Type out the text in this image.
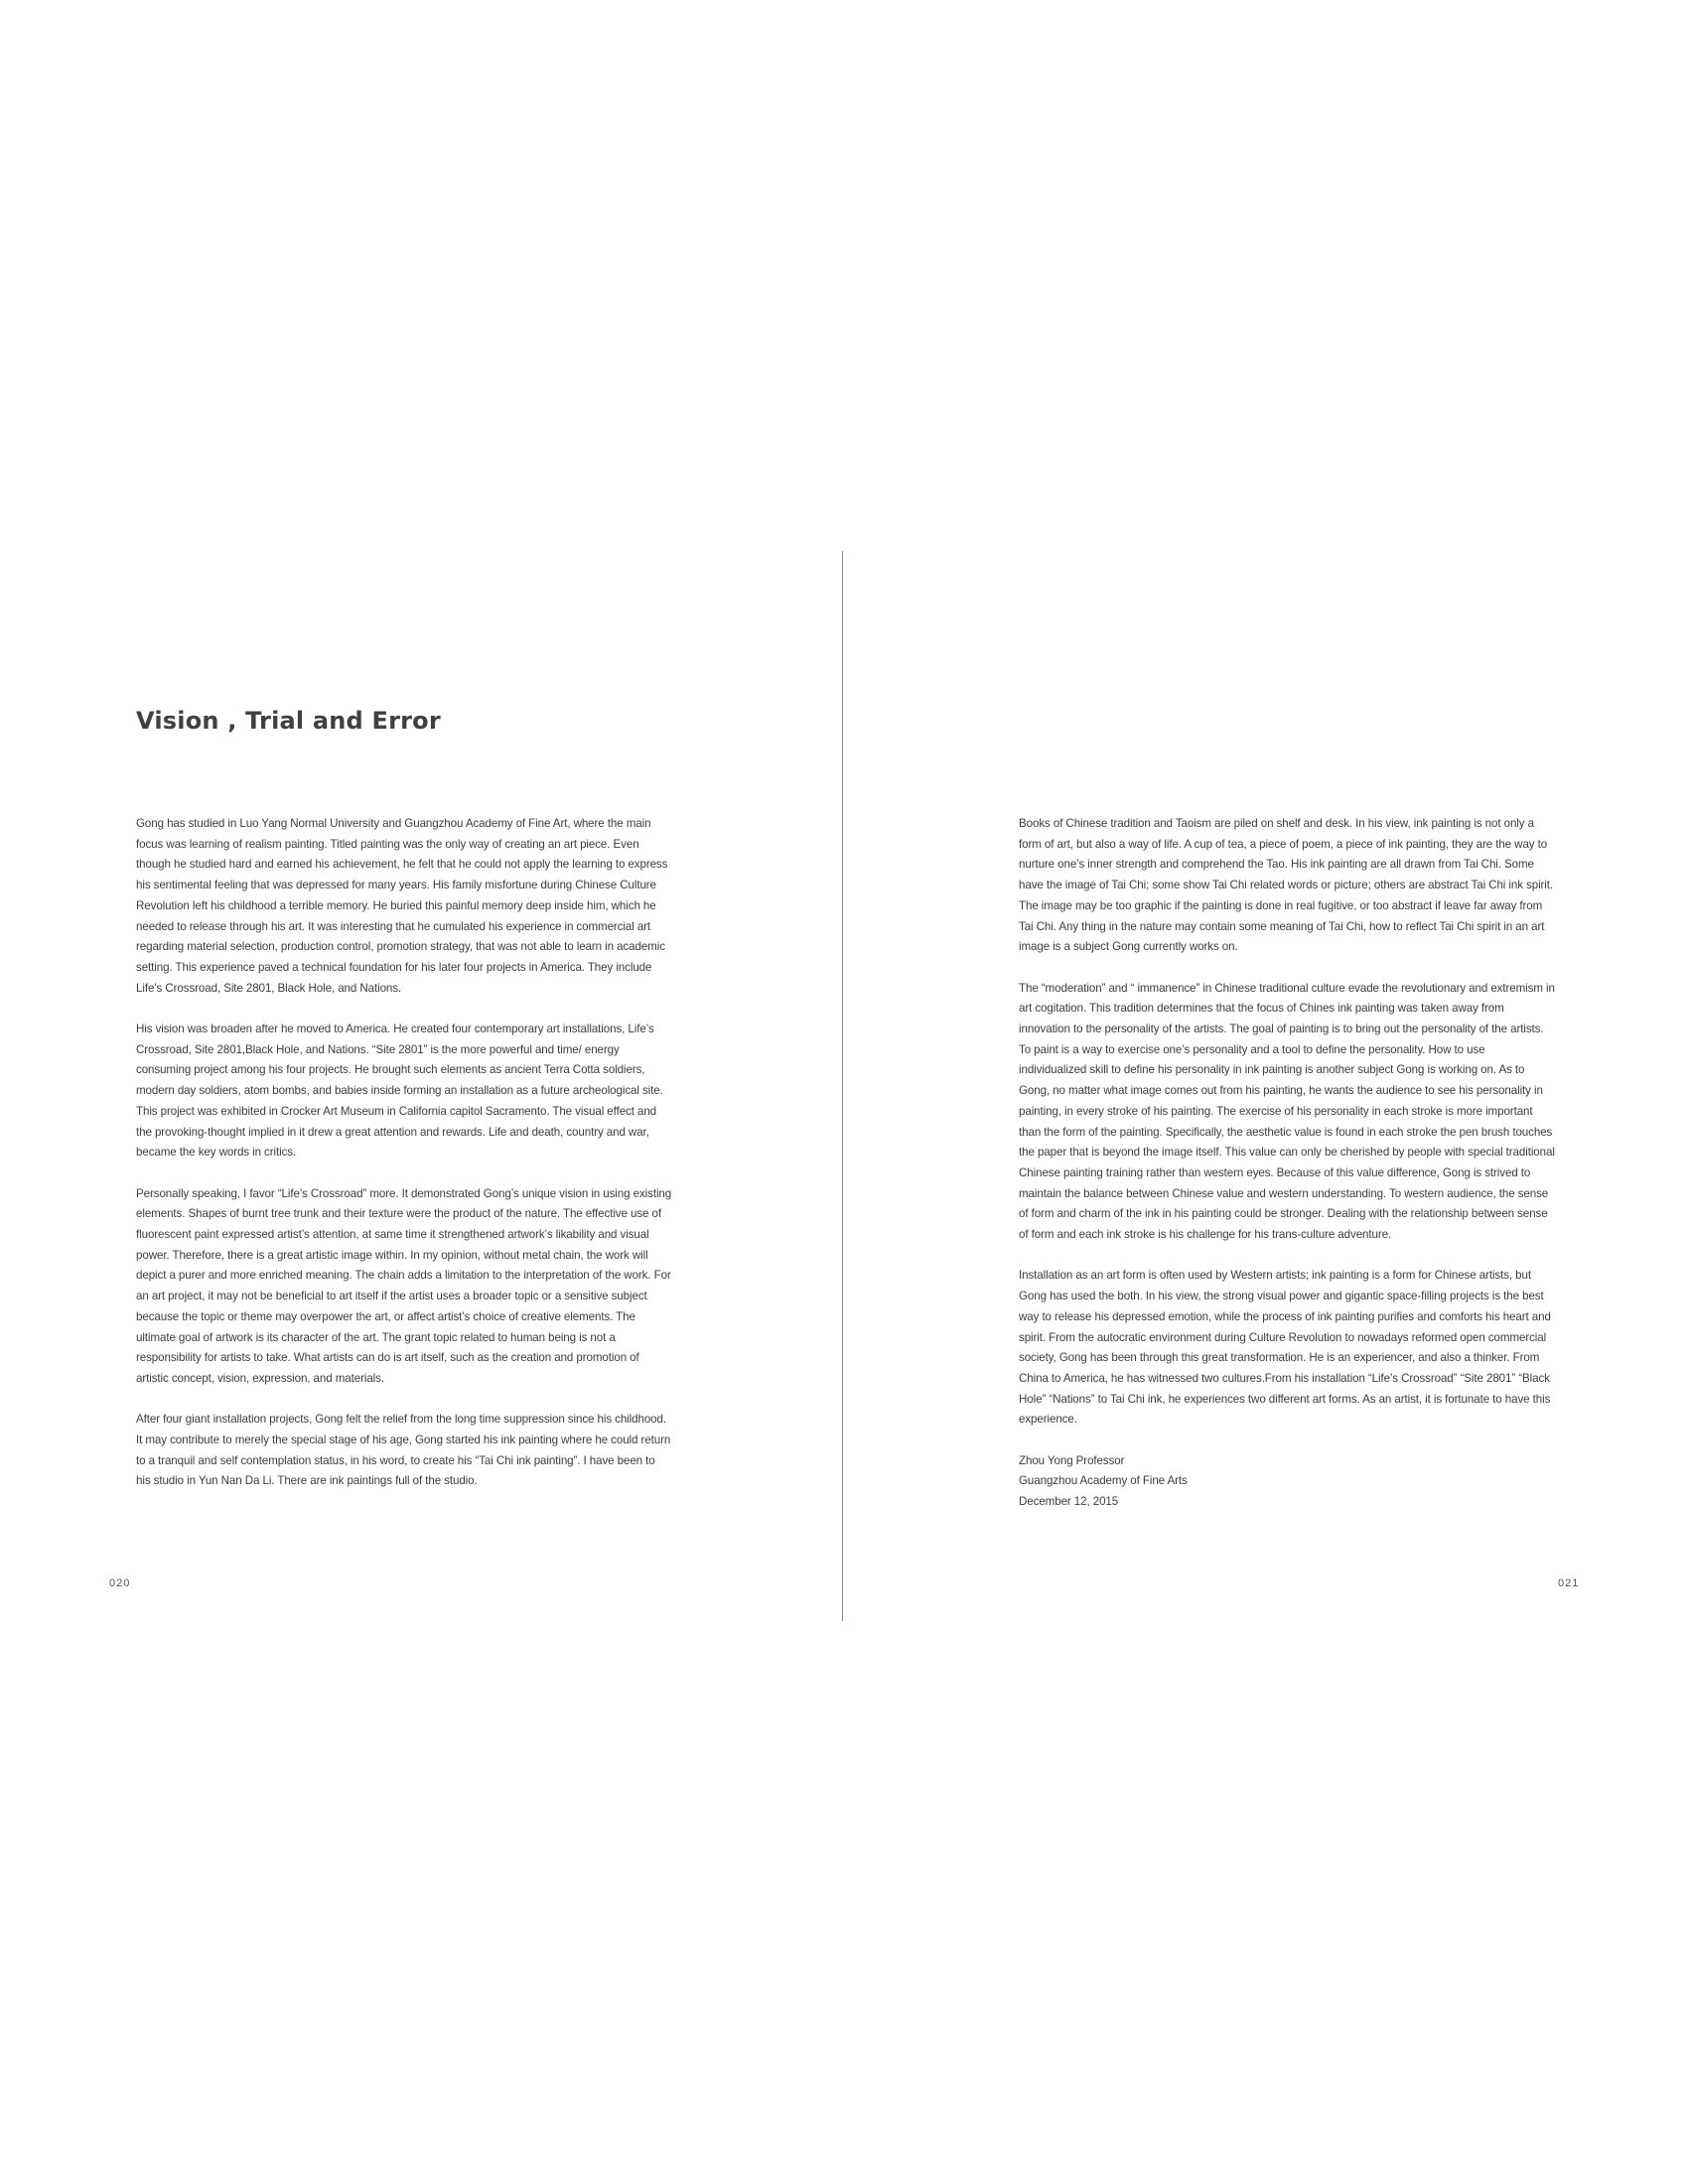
Vision , Trial and Error

Gong has studied in Luo Yang Normal University and Guangzhou Academy of Fine Art, where the main focus was learning of realism painting. Titled painting was the only way of creating an art piece. Even though he studied hard and earned his achievement, he felt that he could not apply the learning to express his sentimental feeling that was depressed for many years. His family misfortune during Chinese Culture Revolution left his childhood a terrible memory. He buried this painful memory deep inside him, which he needed to release through his art. It was interesting that he cumulated his experience in commercial art regarding material selection, production control, promotion strategy, that was not able to learn in academic setting. This experience paved a technical foundation for his later four projects in America. They include Life’s Crossroad, Site 2801, Black Hole, and Nations.

His vision was broaden after he moved to America. He created four contemporary art installations, Life’s Crossroad, Site 2801,Black Hole, and Nations. “Site 2801” is the more powerful and time/ energy consuming project among his four projects. He brought such elements as ancient Terra Cotta soldiers, modern day soldiers, atom bombs, and babies inside forming an installation as a future archeological site. This project was exhibited in Crocker Art Museum in California capitol Sacramento. The visual effect and the provoking-thought implied in it drew a great attention and rewards. Life and death, country and war, became the key words in critics.

Personally speaking, I favor “Life’s Crossroad” more. It demonstrated Gong’s unique vision in using existing elements. Shapes of burnt tree trunk and their texture were the product of the nature. The effective use of fluorescent paint expressed artist’s attention, at same time it strengthened artwork’s likability and visual power. Therefore, there is a great artistic image within. In my opinion, without metal chain, the work will depict a purer and more enriched meaning. The chain adds a limitation to the interpretation of the work. For an art project, it may not be beneficial to art itself if the artist uses a broader topic or a sensitive subject because the topic or theme may overpower the art, or affect artist’s choice of creative elements. The ultimate goal of artwork is its character of the art. The grant topic related to human being is not a responsibility for artists to take. What artists can do is art itself, such as the creation and promotion of artistic concept, vision, expression, and materials.

After four giant installation projects, Gong felt the relief from the long time suppression since his childhood. It may contribute to merely the special stage of his age, Gong started his ink painting where he could return to a tranquil and self contemplation status, in his word, to create his “Tai Chi ink painting”. I have been to his studio in Yun Nan Da Li. There are ink paintings full of the studio.

Books of Chinese tradition and Taoism are piled on shelf and desk. In his view, ink painting is not only a form of art, but also a way of life. A cup of tea, a piece of poem, a piece of ink painting, they are the way to nurture one’s inner strength and comprehend the Tao. His ink painting are all drawn from Tai Chi. Some have the image of Tai Chi; some show Tai Chi related words or picture; others are abstract Tai Chi ink spirit. The image may be too graphic if the painting is done in real fugitive, or too abstract if leave far away from Tai Chi. Any thing in the nature may contain some meaning of Tai Chi, how to reflect Tai Chi spirit in an art image is a subject Gong currently works on.

The “moderation” and “ immanence” in Chinese traditional culture evade the revolutionary and extremism in art cogitation. This tradition determines that the focus of Chines ink painting was taken away from innovation to the personality of the artists. The goal of painting is to bring out the personality of the artists. To paint is a way to exercise one’s personality and a tool to define the personality. How to use individualized skill to define his personality in ink painting is another subject Gong is working on. As to Gong, no matter what image comes out from his painting, he wants the audience to see his personality in painting, in every stroke of his painting. The exercise of his personality in each stroke is more important than the form of the painting. Specifically, the aesthetic value is found in each stroke the pen brush touches the paper that is beyond the image itself. This value can only be cherished by people with special traditional Chinese painting training rather than western eyes. Because of this value difference, Gong is strived to maintain the balance between Chinese value and western understanding. To western audience, the sense of form and charm of the ink in his painting could be stronger. Dealing with the relationship between sense of form and each ink stroke is his challenge for his trans-culture adventure.

Installation as an art form is often used by Western artists; ink painting is a form for Chinese artists, but Gong has used the both. In his view, the strong visual power and gigantic space-filling projects is the best way to release his depressed emotion, while the process of ink painting purifies and comforts his heart and spirit. From the autocratic environment during Culture Revolution to nowadays reformed open commercial society, Gong has been through this great transformation. He is an experiencer, and also a thinker. From China to America, he has witnessed two cultures.From his installation “Life’s Crossroad” “Site 2801” “Black Hole” “Nations” to Tai Chi ink, he experiences two different art forms. As an artist, it is fortunate to have this experience.

Zhou Yong Professor
Guangzhou Academy of Fine Arts
December 12, 2015
020	021
